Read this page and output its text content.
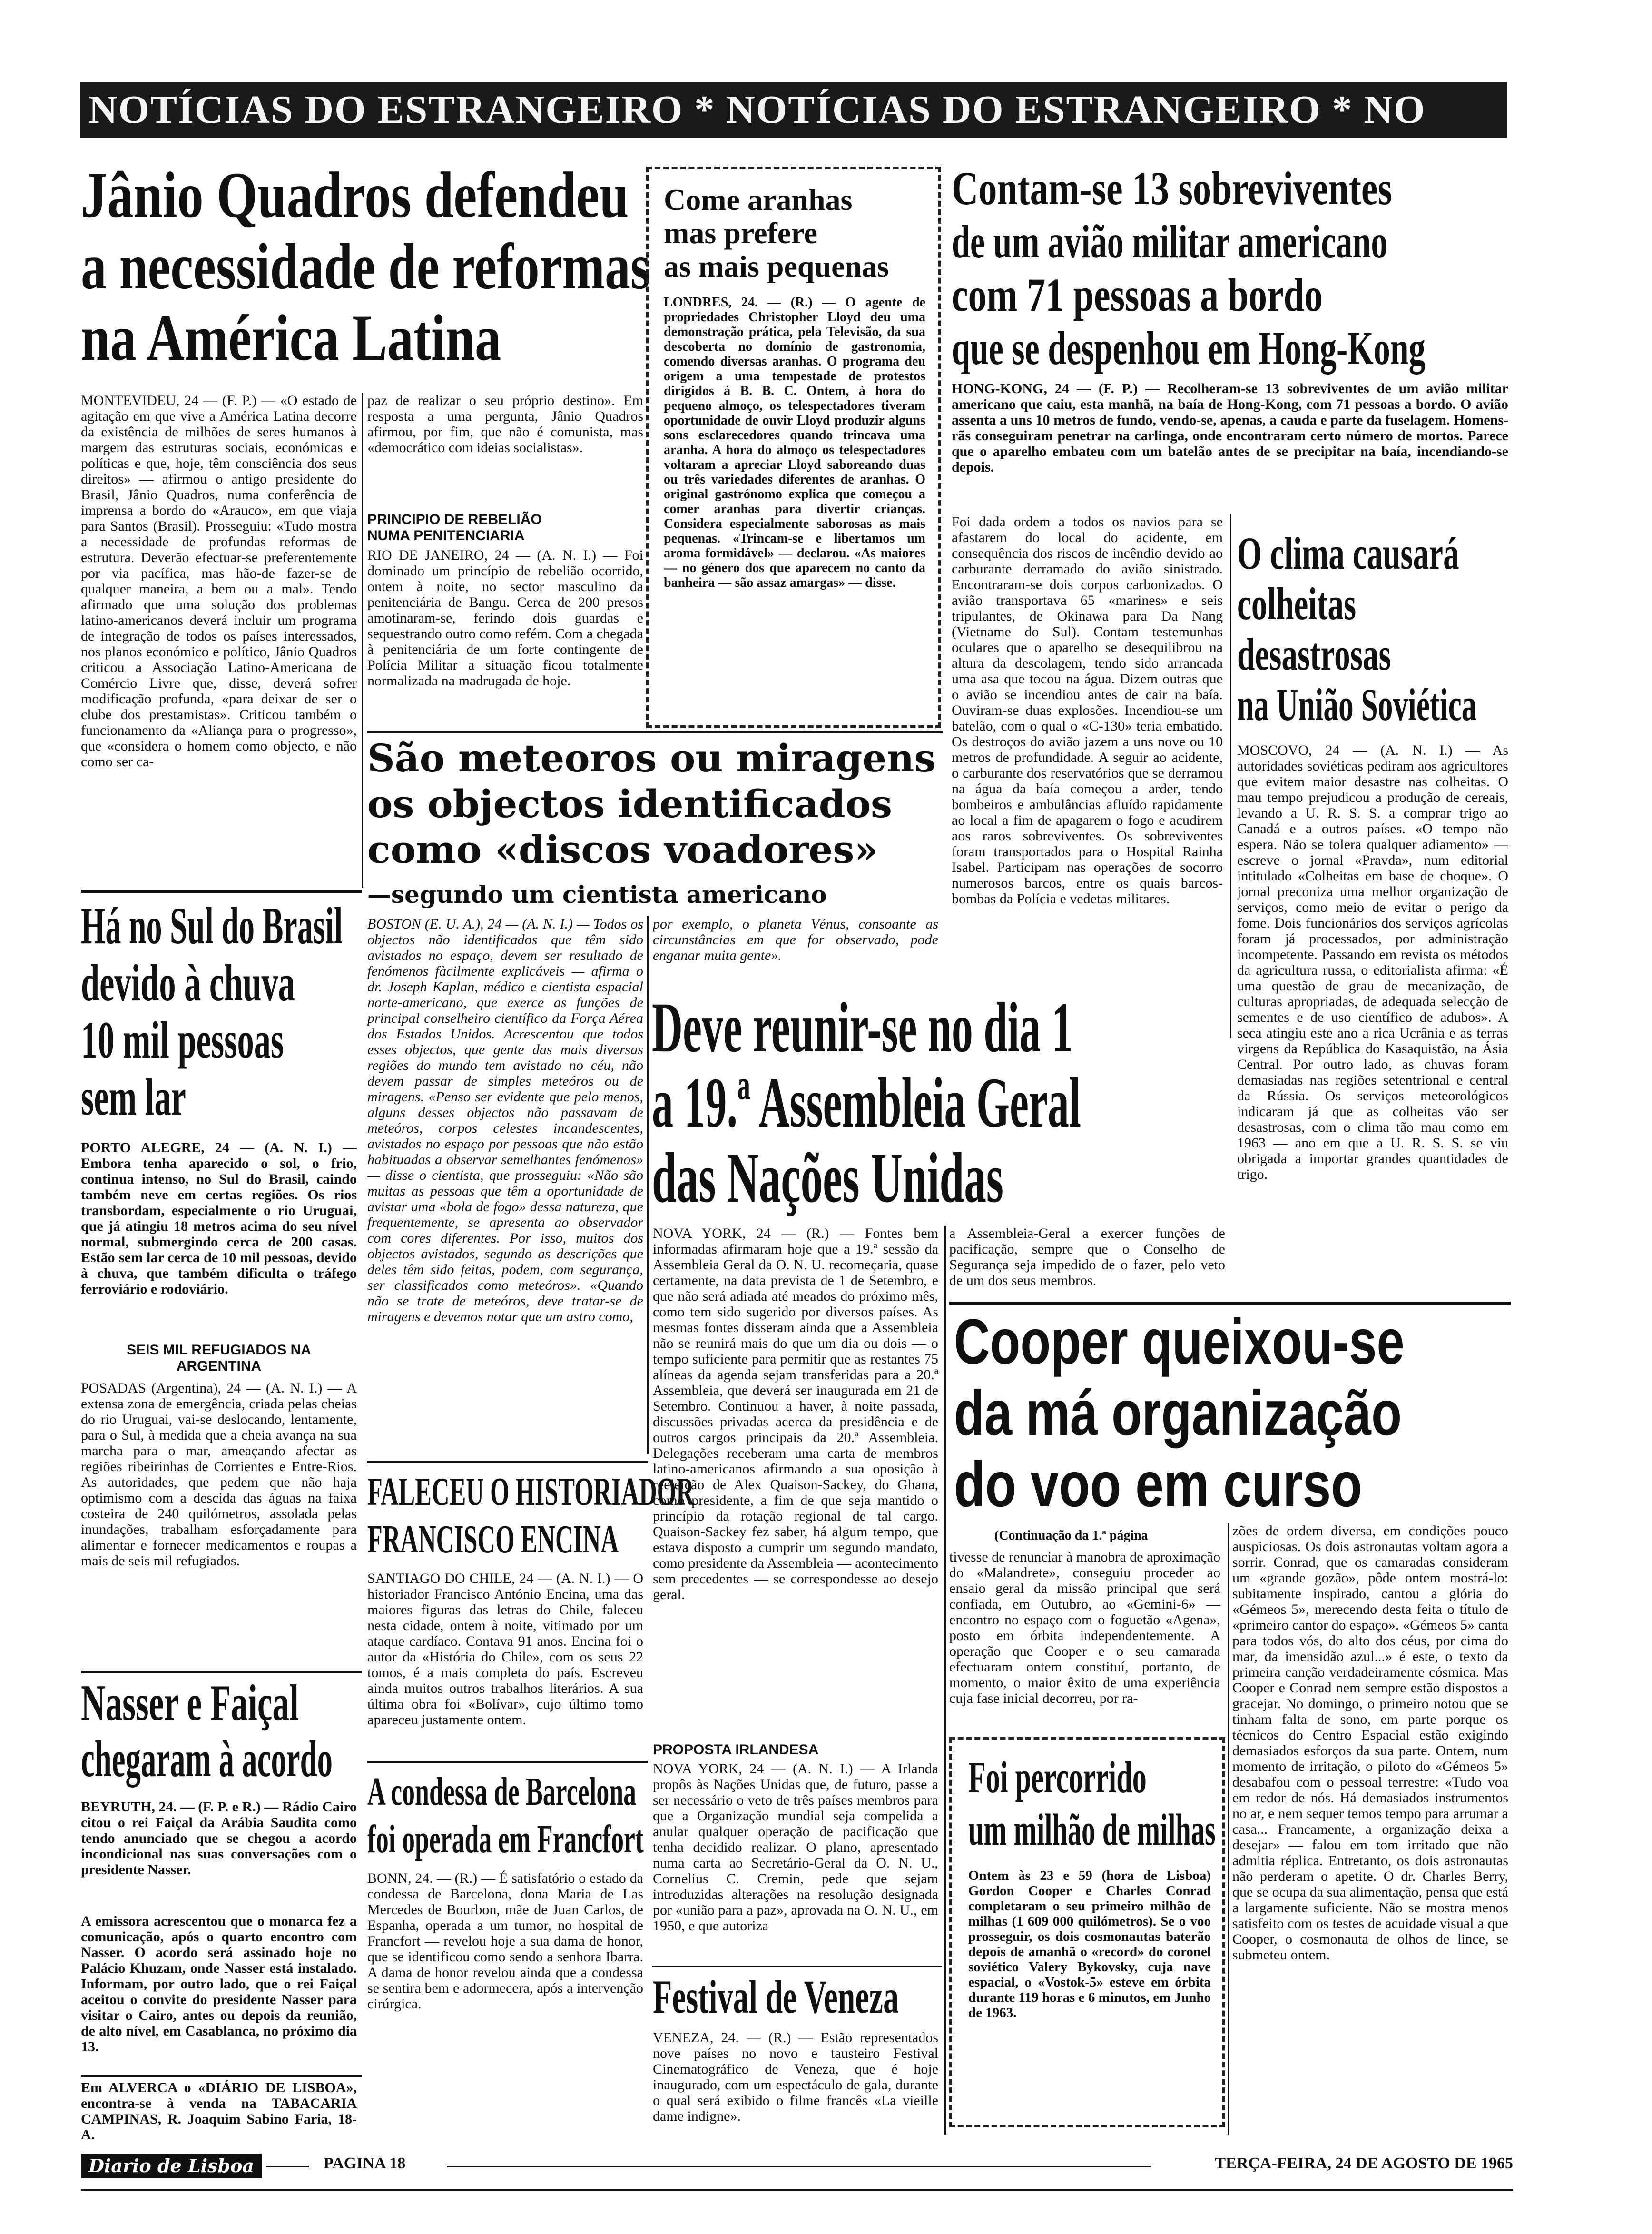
NOTÍCIAS DO ESTRANGEIRO * NOTÍCIAS DO ESTRANGEIRO * NO
Jânio Quadros defendeu
a necessidade de reformas
na América Latina
MONTEVIDEU, 24 — (F. P.) — «O estado de agitação em que vive a América Latina decorre da existência de milhões de seres humanos à margem das estruturas sociais, económicas e políticas e que, hoje, têm consciência dos seus direitos» — afirmou o antigo presidente do Brasil, Jânio Quadros, numa conferência de imprensa a bordo do «Arauco», em que viaja para Santos (Brasil). Prosseguiu: «Tudo mostra a necessidade de profundas reformas de estrutura. Deverão efectuar-se preferentemente por via pacífica, mas hão-de fazer-se de qualquer maneira, a bem ou a mal». Tendo afirmado que uma solução dos problemas latino-americanos deverá incluir um programa de integração de todos os países interessados, nos planos económico e político, Jânio Quadros criticou a Associação Latino-Americana de Comércio Livre que, disse, deverá sofrer modificação profunda, «para deixar de ser o clube dos prestamistas». Criticou também o funcionamento da «Aliança para o progresso», que «considera o homem como objecto, e não como ser ca-
paz de realizar o seu próprio destino». Em resposta a uma pergunta, Jânio Quadros afirmou, por fim, que não é comunista, mas «democrático com ideias socialistas».
PRINCIPIO DE REBELIÃO
NUMA PENITENCIARIA
RIO DE JANEIRO, 24 — (A. N. I.) — Foi dominado um princípio de rebelião ocorrido, ontem à noite, no sector masculino da penitenciária de Bangu. Cerca de 200 presos amotinaram-se, ferindo dois guardas e sequestrando outro como refém. Com a chegada à penitenciária de um forte contingente de Polícia Militar a situação ficou totalmente normalizada na madrugada de hoje.
Come aranhas
mas prefere
as mais pequenas
LONDRES, 24. — (R.) — O agente de propriedades Christopher Lloyd deu uma demonstração prática, pela Televisão, da sua descoberta no domínio de gastronomia, comendo diversas aranhas. O programa deu origem a uma tempestade de protestos dirigidos à B. B. C. Ontem, à hora do pequeno almoço, os telespectadores tiveram oportunidade de ouvir Lloyd produzir alguns sons esclarecedores quando trincava uma aranha. A hora do almoço os telespectadores voltaram a apreciar Lloyd saboreando duas ou três variedades diferentes de aranhas. O original gastrónomo explica que começou a comer aranhas para divertir crianças. Considera especialmente saborosas as mais pequenas. «Trincam-se e libertamos um aroma formidável» — declarou. «As maiores — no género dos que aparecem no canto da banheira — são assaz amargas» — disse.
Contam-se 13 sobreviventes
de um avião militar americano
com 71 pessoas a bordo
que se despenhou em Hong-Kong
HONG-KONG, 24 — (F. P.) — Recolheram-se 13 sobreviventes de um avião militar americano que caiu, esta manhã, na baía de Hong-Kong, com 71 pessoas a bordo. O avião assenta a uns 10 metros de fundo, vendo-se, apenas, a cauda e parte da fuselagem. Homens-rãs conseguiram penetrar na carlinga, onde encontraram certo número de mortos. Parece que o aparelho embateu com um batelão antes de se precipitar na baía, incendiando-se depois.
Foi dada ordem a todos os navios para se afastarem do local do acidente, em consequência dos riscos de incêndio devido ao carburante derramado do avião sinistrado. Encontraram-se dois corpos carbonizados. O avião transportava 65 «marines» e seis tripulantes, de Okinawa para Da Nang (Vietname do Sul). Contam testemunhas oculares que o aparelho se desequilibrou na altura da descolagem, tendo sido arrancada uma asa que tocou na água. Dizem outras que o avião se incendiou antes de cair na baía. Ouviram-se duas explosões. Incendiou-se um batelão, com o qual o «C-130» teria embatido. Os destroços do avião jazem a uns nove ou 10 metros de profundidade. A seguir ao acidente, o carburante dos reservatórios que se derramou na água da baía começou a arder, tendo bombeiros e ambulâncias afluído rapidamente ao local a fim de apagarem o fogo e acudirem aos raros sobreviventes. Os sobreviventes foram transportados para o Hospital Rainha Isabel. Participam nas operações de socorro numerosos barcos, entre os quais barcos-bombas da Polícia e vedetas militares.
O clima causará
colheitas
desastrosas
na União Soviética
MOSCOVO, 24 — (A. N. I.) — As autoridades soviéticas pediram aos agricultores que evitem maior desastre nas colheitas. O mau tempo prejudicou a produção de cereais, levando a U. R. S. S. a comprar trigo ao Canadá e a outros países. «O tempo não espera. Não se tolera qualquer adiamento» — escreve o jornal «Pravda», num editorial intitulado «Colheitas em base de choque». O jornal preconiza uma melhor organização de serviços, como meio de evitar o perigo da fome. Dois funcionários dos serviços agrícolas foram já processados, por administração incompetente. Passando em revista os métodos da agricultura russa, o editorialista afirma: «É uma questão de grau de mecanização, de culturas apropriadas, de adequada selecção de sementes e de uso científico de adubos». A seca atingiu este ano a rica Ucrânia e as terras virgens da República do Kasaquistão, na Ásia Central. Por outro lado, as chuvas foram demasiadas nas regiões setentrional e central da Rússia. Os serviços meteorológicos indicaram já que as colheitas vão ser desastrosas, com o clima tão mau como em 1963 — ano em que a U. R. S. S. se viu obrigada a importar grandes quantidades de trigo.
São meteoros ou miragens
os objectos identificados
como «discos voadores»
—segundo um cientista americano
BOSTON (E. U. A.), 24 — (A. N. I.) — Todos os objectos não identificados que têm sido avistados no espaço, devem ser resultado de fenómenos fàcilmente explicáveis — afirma o dr. Joseph Kaplan, médico e cientista espacial norte-americano, que exerce as funções de principal conselheiro científico da Força Aérea dos Estados Unidos. Acrescentou que todos esses objectos, que gente das mais diversas regiões do mundo tem avistado no céu, não devem passar de simples meteóros ou de miragens. «Penso ser evidente que pelo menos, alguns desses objectos não passavam de meteóros, corpos celestes incandescentes, avistados no espaço por pessoas que não estão habituadas a observar semelhantes fenómenos» — disse o cientista, que prosseguiu: «Não são muitas as pessoas que têm a oportunidade de avistar uma «bola de fogo» dessa natureza, que frequentemente, se apresenta ao observador com cores diferentes. Por isso, muitos dos objectos avistados, segundo as descrições que deles têm sido feitas, podem, com segurança, ser classificados como meteóros». «Quando não se trate de meteóros, deve tratar-se de miragens e devemos notar que um astro como,
por exemplo, o planeta Vénus, consoante as circunstâncias em que for observado, pode enganar muita gente».
Há no Sul do Brasil
devido à chuva
10 mil pessoas
sem lar
PORTO ALEGRE, 24 — (A. N. I.) — Embora tenha aparecido o sol, o frio, continua intenso, no Sul do Brasil, caindo também neve em certas regiões. Os rios transbordam, especialmente o rio Uruguai, que já atingiu 18 metros acima do seu nível normal, submergindo cerca de 200 casas. Estão sem lar cerca de 10 mil pessoas, devido à chuva, que também dificulta o tráfego ferroviário e rodoviário.
SEIS MIL REFUGIADOS NA
ARGENTINA
POSADAS (Argentina), 24 — (A. N. I.) — A extensa zona de emergência, criada pelas cheias do rio Uruguai, vai-se deslocando, lentamente, para o Sul, à medida que a cheia avança na sua marcha para o mar, ameaçando afectar as regiões ribeirinhas de Corrientes e Entre-Rios. As autoridades, que pedem que não haja optimismo com a descida das águas na faixa costeira de 240 quilómetros, assolada pelas inundações, trabalham esforçadamente para alimentar e fornecer medicamentos e roupas a mais de seis mil refugiados.
Nasser e Faiçal
chegaram à acordo
BEYRUTH, 24. — (F. P. e R.) — Rádio Cairo citou o rei Faiçal da Arábia Saudita como tendo anunciado que se chegou a acordo incondicional nas suas conversações com o presidente Nasser.
A emissora acrescentou que o monarca fez a comunicação, após o quarto encontro com Nasser. O acordo será assinado hoje no Palácio Khuzam, onde Nasser está instalado. Informam, por outro lado, que o rei Faiçal aceitou o convite do presidente Nasser para visitar o Cairo, antes ou depois da reunião, de alto nível, em Casablanca, no próximo dia 13.
Em ALVERCA o «DIÁRIO DE LISBOA», encontra-se à venda na TABACARIA CAMPINAS, R. Joaquim Sabino Faria, 18-A.
Deve reunir-se no dia 1
a 19.ª Assembleia Geral
das Nações Unidas
NOVA YORK, 24 — (R.) — Fontes bem informadas afirmaram hoje que a 19.ª sessão da Assembleia Geral da O. N. U. recomeçaria, quase certamente, na data prevista de 1 de Setembro, e que não será adiada até meados do próximo mês, como tem sido sugerido por diversos países. As mesmas fontes disseram ainda que a Assembleia não se reunirá mais do que um dia ou dois — o tempo suficiente para permitir que as restantes 75 alíneas da agenda sejam transferidas para a 20.ª Assembleia, que deverá ser inaugurada em 21 de Setembro. Continuou a haver, à noite passada, discussões privadas acerca da presidência e de outros cargos principais da 20.ª Assembleia. Delegações receberam uma carta de membros latino-americanos afirmando a sua oposição à reeleição de Alex Quaison-Sackey, do Ghana, como presidente, a fim de que seja mantido o princípio da rotação regional de tal cargo. Quaison-Sackey fez saber, há algum tempo, que estava disposto a cumprir um segundo mandato, como presidente da Assembleia — acontecimento sem precedentes — se correspondesse ao desejo geral.
a Assembleia-Geral a exercer funções de pacificação, sempre que o Conselho de Segurança seja impedido de o fazer, pelo veto de um dos seus membros.
PROPOSTA IRLANDESA
NOVA YORK, 24 — (A. N. I.) — A Irlanda propôs às Nações Unidas que, de futuro, passe a ser necessário o veto de três países membros para que a Organização mundial seja compelida a anular qualquer operação de pacificação que tenha decidido realizar. O plano, apresentado numa carta ao Secretário-Geral da O. N. U., Cornelius C. Cremin, pede que sejam introduzidas alterações na resolução designada por «união para a paz», aprovada na O. N. U., em 1950, e que autoriza
FALECEU O HISTORIADOR
FRANCISCO ENCINA
SANTIAGO DO CHILE, 24 — (A. N. I.) — O historiador Francisco António Encina, uma das maiores figuras das letras do Chile, faleceu nesta cidade, ontem à noite, vitimado por um ataque cardíaco. Contava 91 anos. Encina foi o autor da «História do Chile», com os seus 22 tomos, é a mais completa do país. Escreveu ainda muitos outros trabalhos literários. A sua última obra foi «Bolívar», cujo último tomo apareceu justamente ontem.
A condessa de Barcelona
foi operada em Francfort
BONN, 24. — (R.) — É satisfatório o estado da condessa de Barcelona, dona Maria de Las Mercedes de Bourbon, mãe de Juan Carlos, de Espanha, operada a um tumor, no hospital de Francfort — revelou hoje a sua dama de honor, que se identificou como sendo a senhora Ibarra. A dama de honor revelou ainda que a condessa se sentira bem e adormecera, após a intervenção cirúrgica.	Festival de Veneza
VENEZA, 24. — (R.) — Estão representados nove países no novo e tausteiro Festival Cinematográfico de Veneza, que é hoje inaugurado, com um espectáculo de gala, durante o qual será exibido o filme francês «La vieille dame indigne».
Cooper queixou-se
da má organização
do voo em curso
(Continuação da 1.ª página
tivesse de renunciar à manobra de aproximação do «Malandrete», conseguiu proceder ao ensaio geral da missão principal que será confiada, em Outubro, ao «Gemini-6» — encontro no espaço com o foguetão «Agena», posto em órbita independentemente. A operação que Cooper e o seu camarada efectuaram ontem constituí, portanto, de momento, o maior êxito de uma experiência cuja fase inicial decorreu, por ra-
zões de ordem diversa, em condições pouco auspiciosas. Os dois astronautas voltam agora a sorrir. Conrad, que os camaradas consideram um «grande gozão», pôde ontem mostrá-lo: subitamente inspirado, cantou a glória do «Gémeos 5», merecendo desta feita o título de «primeiro cantor do espaço». «Gémeos 5» canta para todos vós, do alto dos céus, por cima do mar, da imensidão azul...» é este, o texto da primeira canção verdadeiramente cósmica. Mas Cooper e Conrad nem sempre estão dispostos a gracejar. No domingo, o primeiro notou que se tinham falta de sono, em parte porque os técnicos do Centro Espacial estão exigindo demasiados esforços da sua parte. Ontem, num momento de irritação, o piloto do «Gémeos 5» desabafou com o pessoal terrestre: «Tudo voa em redor de nós. Há demasiados instrumentos no ar, e nem sequer temos tempo para arrumar a casa... Francamente, a organização deixa a desejar» — falou em tom irritado que não admitia réplica. Entretanto, os dois astronautas não perderam o apetite. O dr. Charles Berry, que se ocupa da sua alimentação, pensa que está a largamente suficiente. Não se mostra menos satisfeito com os testes de acuidade visual a que Cooper, o cosmonauta de olhos de lince, se submeteu ontem.
Foi percorrido
um milhão de milhas
Ontem às 23 e 59 (hora de Lisboa) Gordon Cooper e Charles Conrad completaram o seu primeiro milhão de milhas (1 609 000 quilómetros). Se o voo prosseguir, os dois cosmonautas baterão depois de amanhã o «record» do coronel soviético Valery Bykovsky, cuja nave espacial, o «Vostok-5» esteve em órbita durante 119 horas e 6 minutos, em Junho de 1963.
Diario de Lisboa	PAGINA 18	TERÇA-FEIRA, 24 DE AGOSTO DE 1965
